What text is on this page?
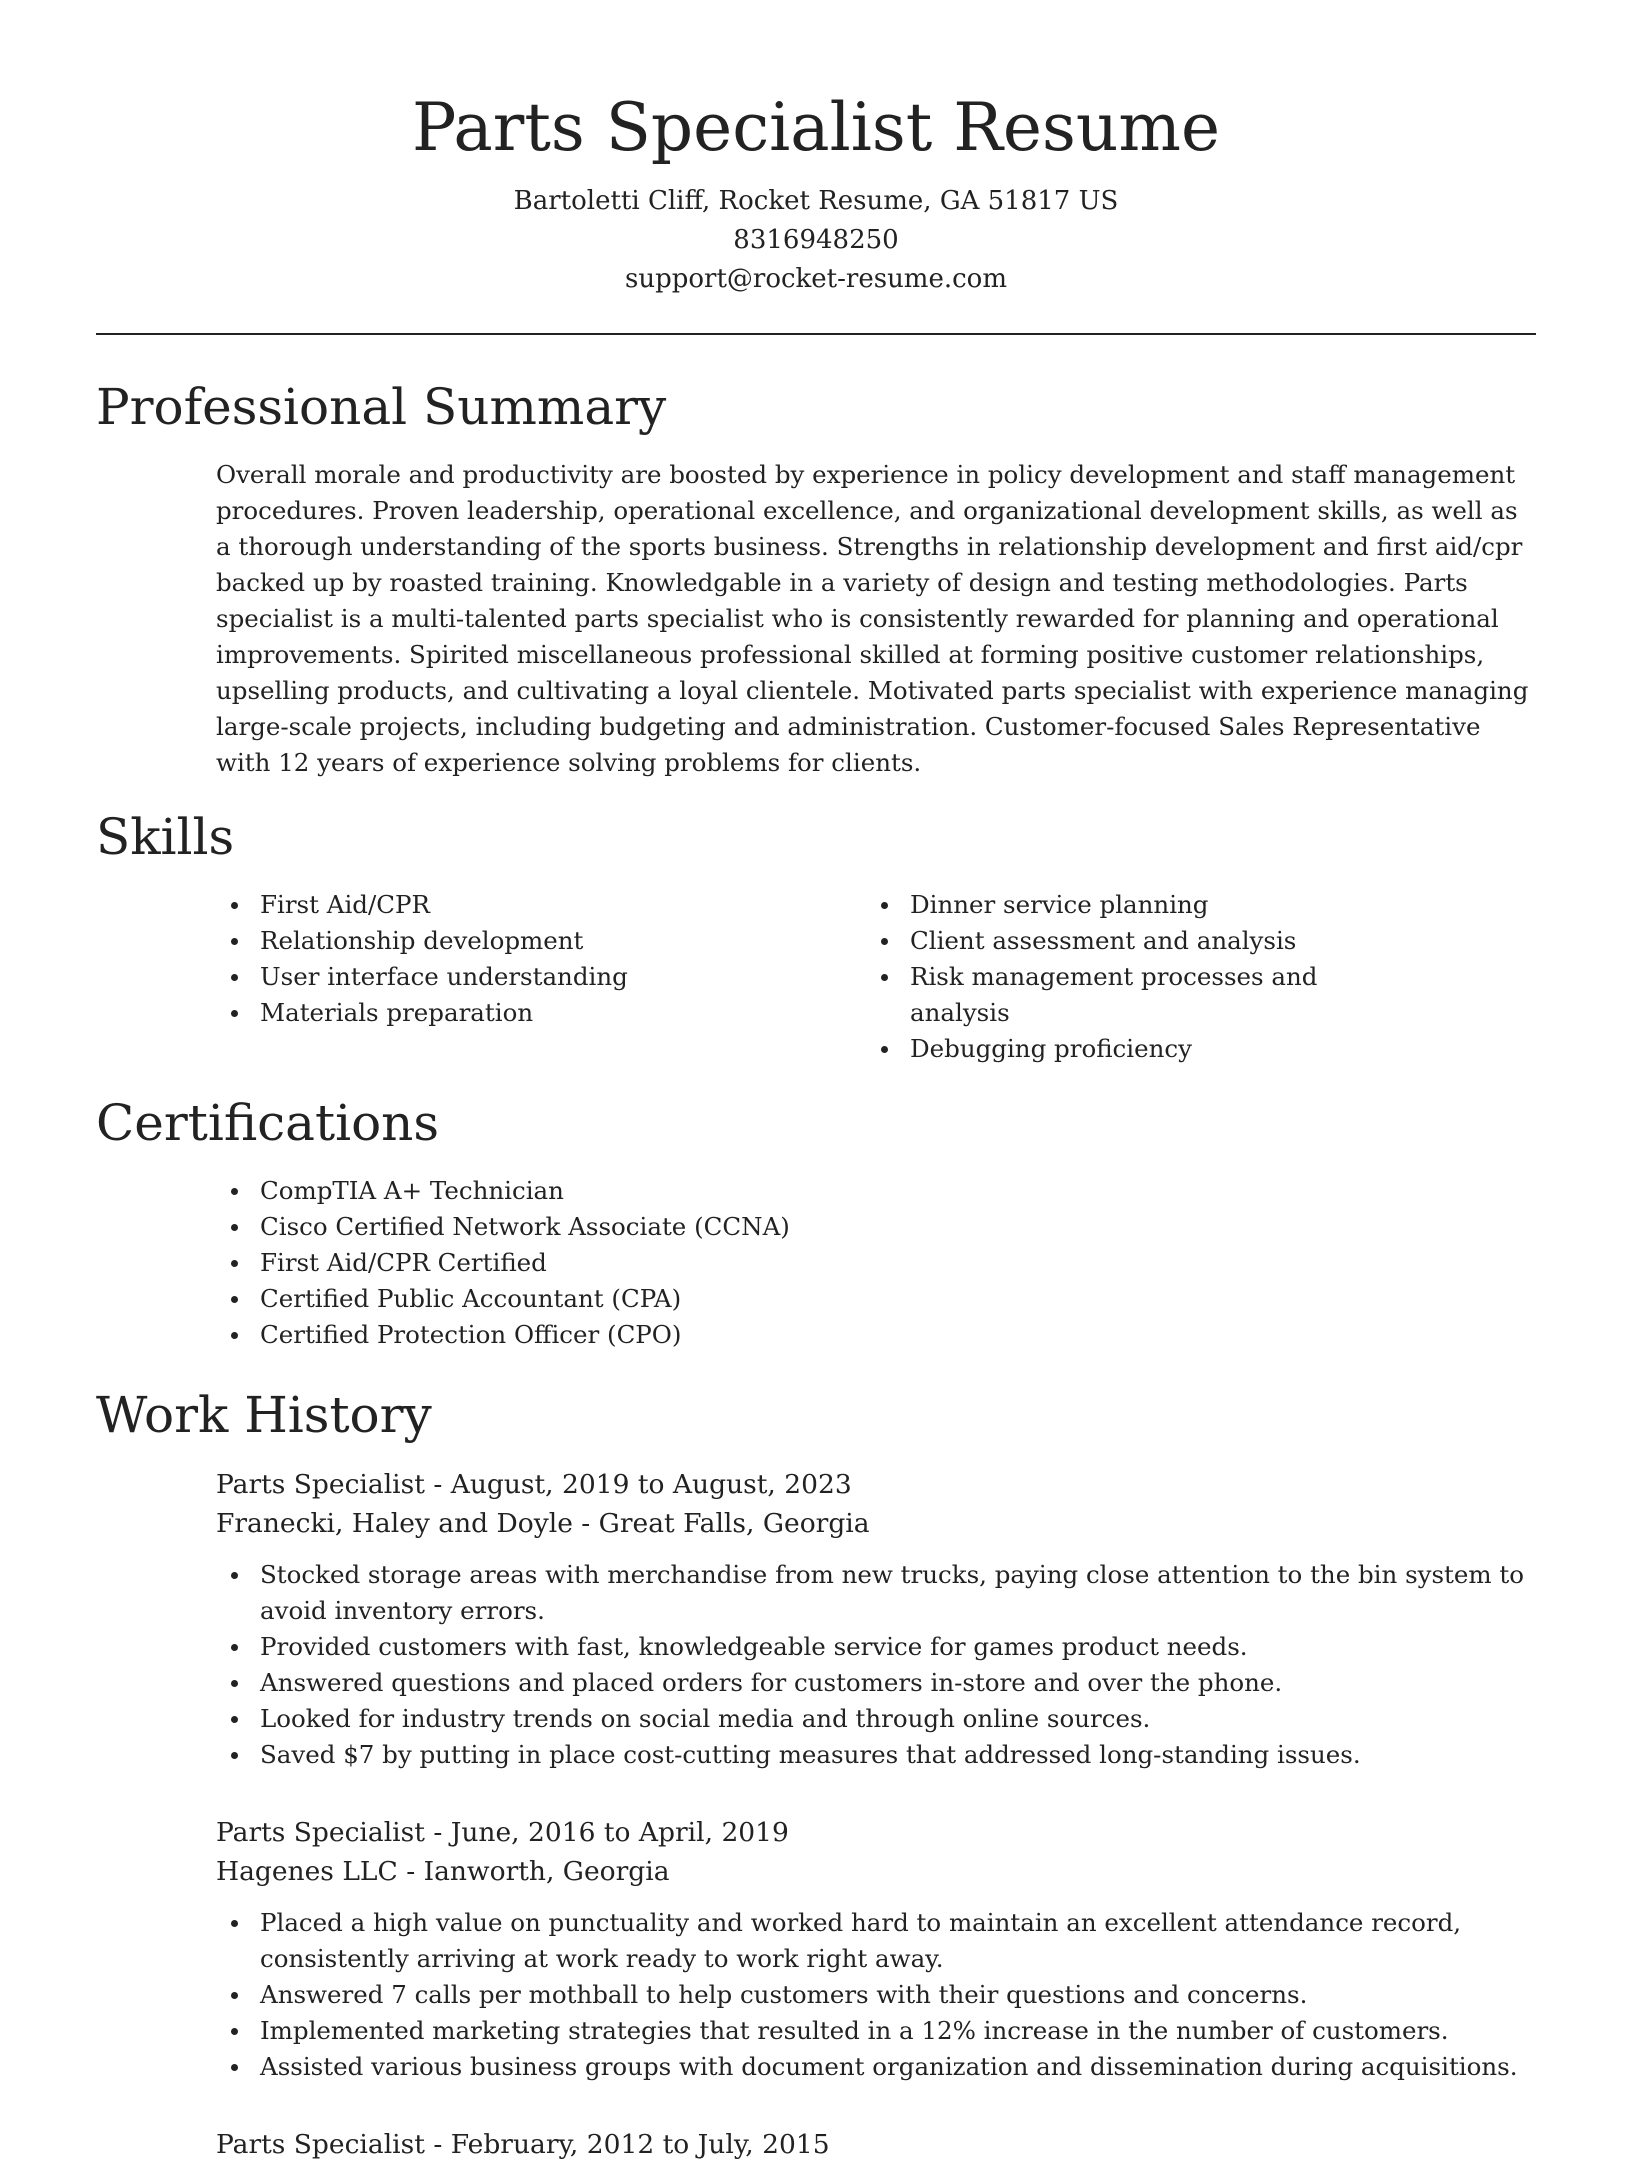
Parts Specialist Resume
Bartoletti Cliff, Rocket Resume, GA 51817 US
8316948250
support@rocket-resume.com
Professional Summary

Overall morale and productivity are boosted by experience in policy development and staff management procedures. Proven leadership, operational excellence, and organizational development skills, as well as a thorough understanding of the sports business. Strengths in relationship development and first aid/cpr backed up by roasted training. Knowledgable in a variety of design and testing methodologies. Parts specialist is a multi-talented parts specialist who is consistently rewarded for planning and operational improvements. Spirited miscellaneous professional skilled at forming positive customer relationships, upselling products, and cultivating a loyal clientele. Motivated parts specialist with experience managing large-scale projects, including budgeting and administration. Customer-focused Sales Representative with 12 years of experience solving problems for clients.

Skills
First Aid/CPR
Relationship development
User interface understanding
Materials preparation
Dinner service planning
Client assessment and analysis
Risk management processes and analysis
Debugging proficiency
Certifications
CompTIA A+ Technician
Cisco Certified Network Associate (CCNA)
First Aid/CPR Certified
Certified Public Accountant (CPA)
Certified Protection Officer (CPO)
Work History
Parts Specialist - August, 2019 to August, 2023
Franecki, Haley and Doyle - Great Falls, Georgia
Stocked storage areas with merchandise from new trucks, paying close attention to the bin system to avoid inventory errors.
Provided customers with fast, knowledgeable service for games product needs.
Answered questions and placed orders for customers in-store and over the phone.
Looked for industry trends on social media and through online sources.
Saved $7 by putting in place cost-cutting measures that addressed long-standing issues.
Parts Specialist - June, 2016 to April, 2019
Hagenes LLC - Ianworth, Georgia
Placed a high value on punctuality and worked hard to maintain an excellent attendance record, consistently arriving at work ready to work right away.
Answered 7 calls per mothball to help customers with their questions and concerns.
Implemented marketing strategies that resulted in a 12% increase in the number of customers.
Assisted various business groups with document organization and dissemination during acquisitions.
Parts Specialist - February, 2012 to July, 2015
